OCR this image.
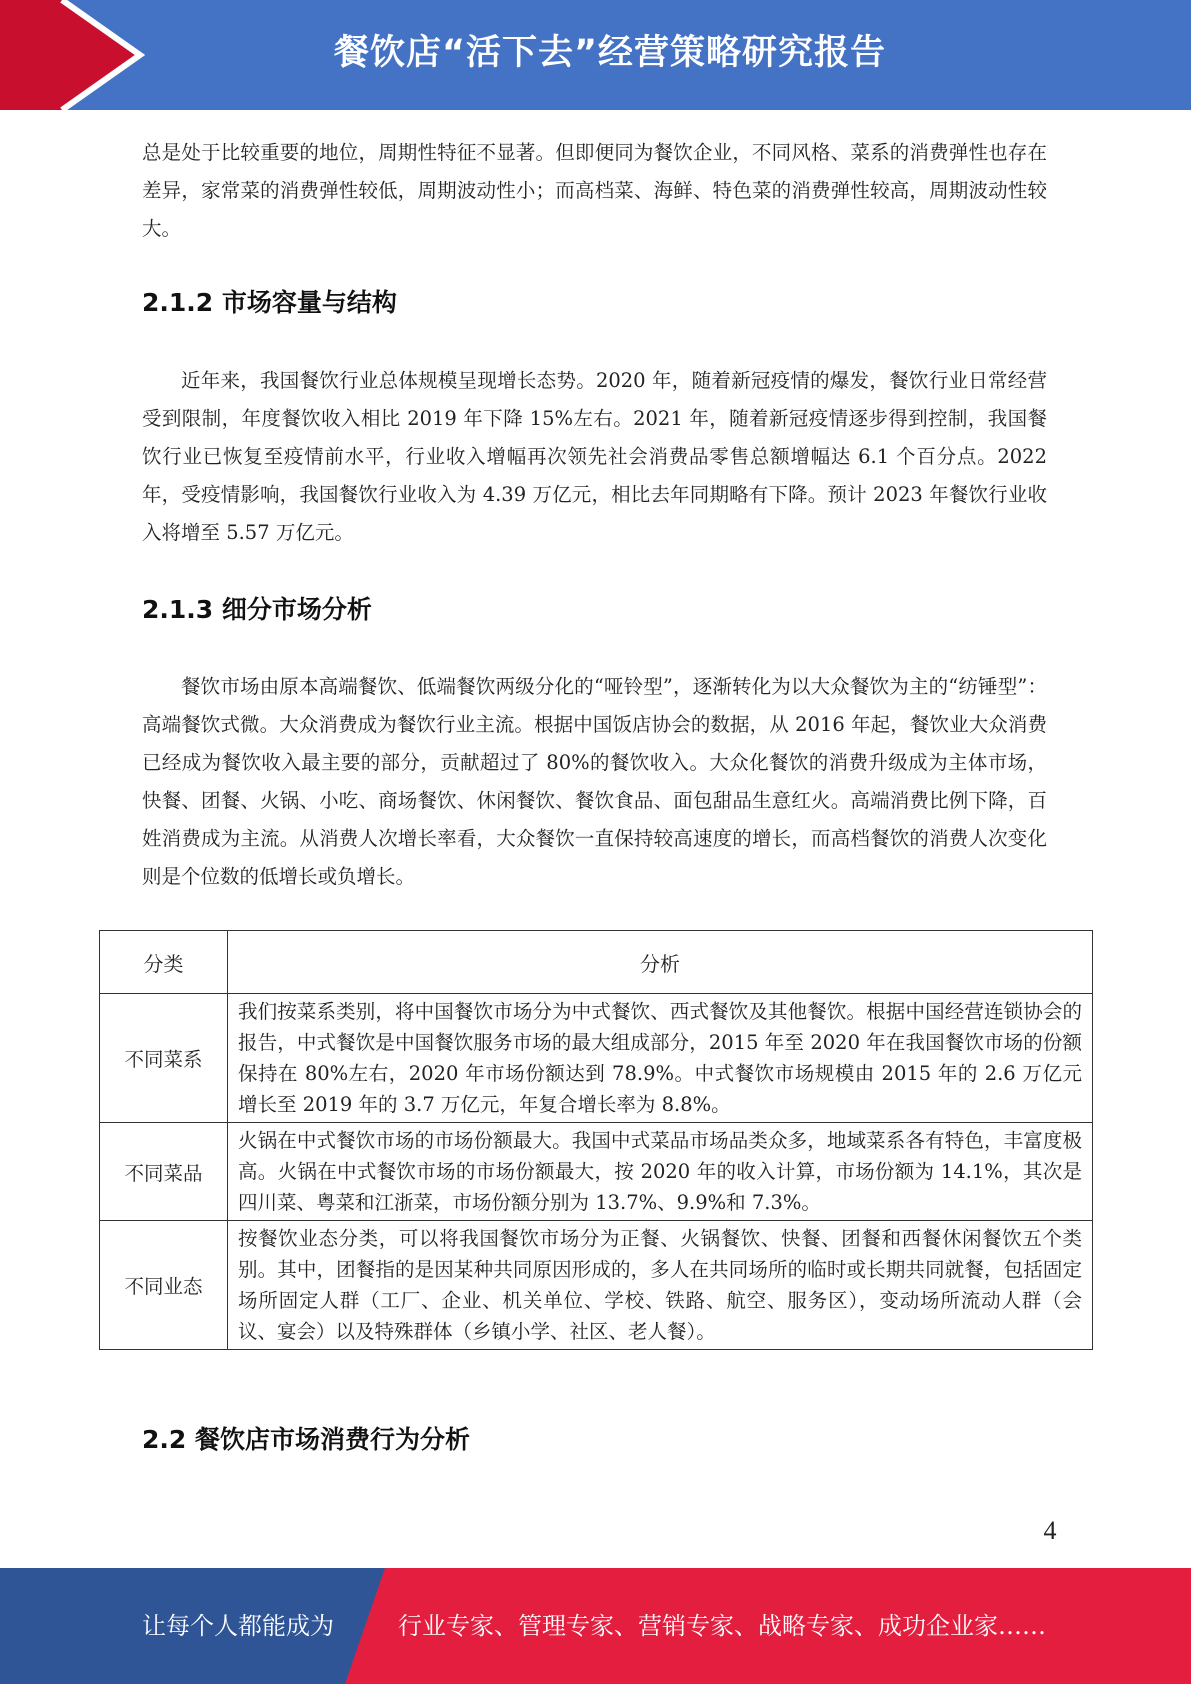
餐饮店“活下去”经营策略研究报告

总是处于比较重要的地位，周期性特征不显著。但即便同为餐饮企业，不同风格、菜系的消费弹性也存在差异，家常菜的消费弹性较低，周期波动性小；而高档菜、海鲜、特色菜的消费弹性较高，周期波动性较大。

2.1.2 市场容量与结构

近年来，我国餐饮行业总体规模呈现增长态势。2020 年，随着新冠疫情的爆发，餐饮行业日常经营受到限制，年度餐饮收入相比 2019 年下降 15%左右。2021 年，随着新冠疫情逐步得到控制，我国餐饮行业已恢复至疫情前水平，行业收入增幅再次领先社会消费品零售总额增幅达 6.1 个百分点。2022 年，受疫情影响，我国餐饮行业收入为 4.39 万亿元，相比去年同期略有下降。预计 2023 年餐饮行业收入将增至 5.57 万亿元。

2.1.3 细分市场分析

餐饮市场由原本高端餐饮、低端餐饮两级分化的“哑铃型”，逐渐转化为以大众餐饮为主的“纺锤型”：高端餐饮式微。大众消费成为餐饮行业主流。根据中国饭店协会的数据，从 2016 年起，餐饮业大众消费已经成为餐饮收入最主要的部分，贡献超过了 80%的餐饮收入。大众化餐饮的消费升级成为主体市场，快餐、团餐、火锅、小吃、商场餐饮、休闲餐饮、餐饮食品、面包甜品生意红火。高端消费比例下降，百姓消费成为主流。从消费人次增长率看，大众餐饮一直保持较高速度的增长，而高档餐饮的消费人次变化则是个位数的低增长或负增长。

分类	分析
不同菜系	我们按菜系类别，将中国餐饮市场分为中式餐饮、西式餐饮及其他餐饮。根据中国经营连锁协会的报告，中式餐饮是中国餐饮服务市场的最大组成部分，2015 年至 2020 年在我国餐饮市场的份额保持在 80%左右，2020 年市场份额达到 78.9%。中式餐饮市场规模由 2015 年的 2.6 万亿元增长至 2019 年的 3.7 万亿元，年复合增长率为 8.8%。
不同菜品	火锅在中式餐饮市场的市场份额最大。我国中式菜品市场品类众多，地域菜系各有特色，丰富度极高。火锅在中式餐饮市场的市场份额最大，按 2020 年的收入计算，市场份额为 14.1%，其次是四川菜、粤菜和江浙菜，市场份额分别为 13.7%、9.9%和 7.3%。
不同业态	按餐饮业态分类，可以将我国餐饮市场分为正餐、火锅餐饮、快餐、团餐和西餐休闲餐饮五个类别。其中，团餐指的是因某种共同原因形成的，多人在共同场所的临时或长期共同就餐，包括固定场所固定人群（工厂、企业、机关单位、学校、铁路、航空、服务区），变动场所流动人群（会议、宴会）以及特殊群体（乡镇小学、社区、老人餐）。
2.2 餐饮店市场消费行为分析
4
让每个人都能成为	行业专家、管理专家、营销专家、战略专家、成功企业家……
